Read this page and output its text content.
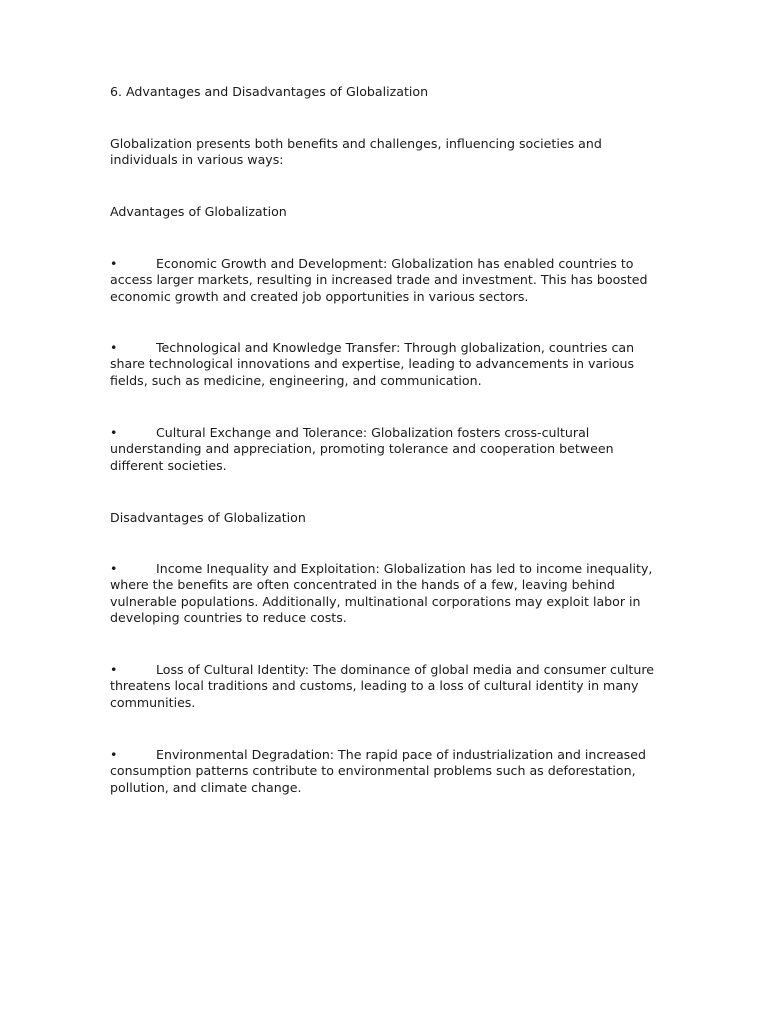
6. Advantages and Disadvantages of Globalization

Globalization presents both benefits and challenges, influencing societies and individuals in various ways:

Advantages of Globalization

•	Economic Growth and Development: Globalization has enabled countries to access larger markets, resulting in increased trade and investment. This has boosted economic growth and created job opportunities in various sectors.

•	Technological and Knowledge Transfer: Through globalization, countries can share technological innovations and expertise, leading to advancements in various fields, such as medicine, engineering, and communication.

•	Cultural Exchange and Tolerance: Globalization fosters cross-cultural understanding and appreciation, promoting tolerance and cooperation between different societies.

Disadvantages of Globalization

•	Income Inequality and Exploitation: Globalization has led to income inequality, where the benefits are often concentrated in the hands of a few, leaving behind vulnerable populations. Additionally, multinational corporations may exploit labor in developing countries to reduce costs.

•	Loss of Cultural Identity: The dominance of global media and consumer culture threatens local traditions and customs, leading to a loss of cultural identity in many communities.

•	Environmental Degradation: The rapid pace of industrialization and increased consumption patterns contribute to environmental problems such as deforestation, pollution, and climate change.
